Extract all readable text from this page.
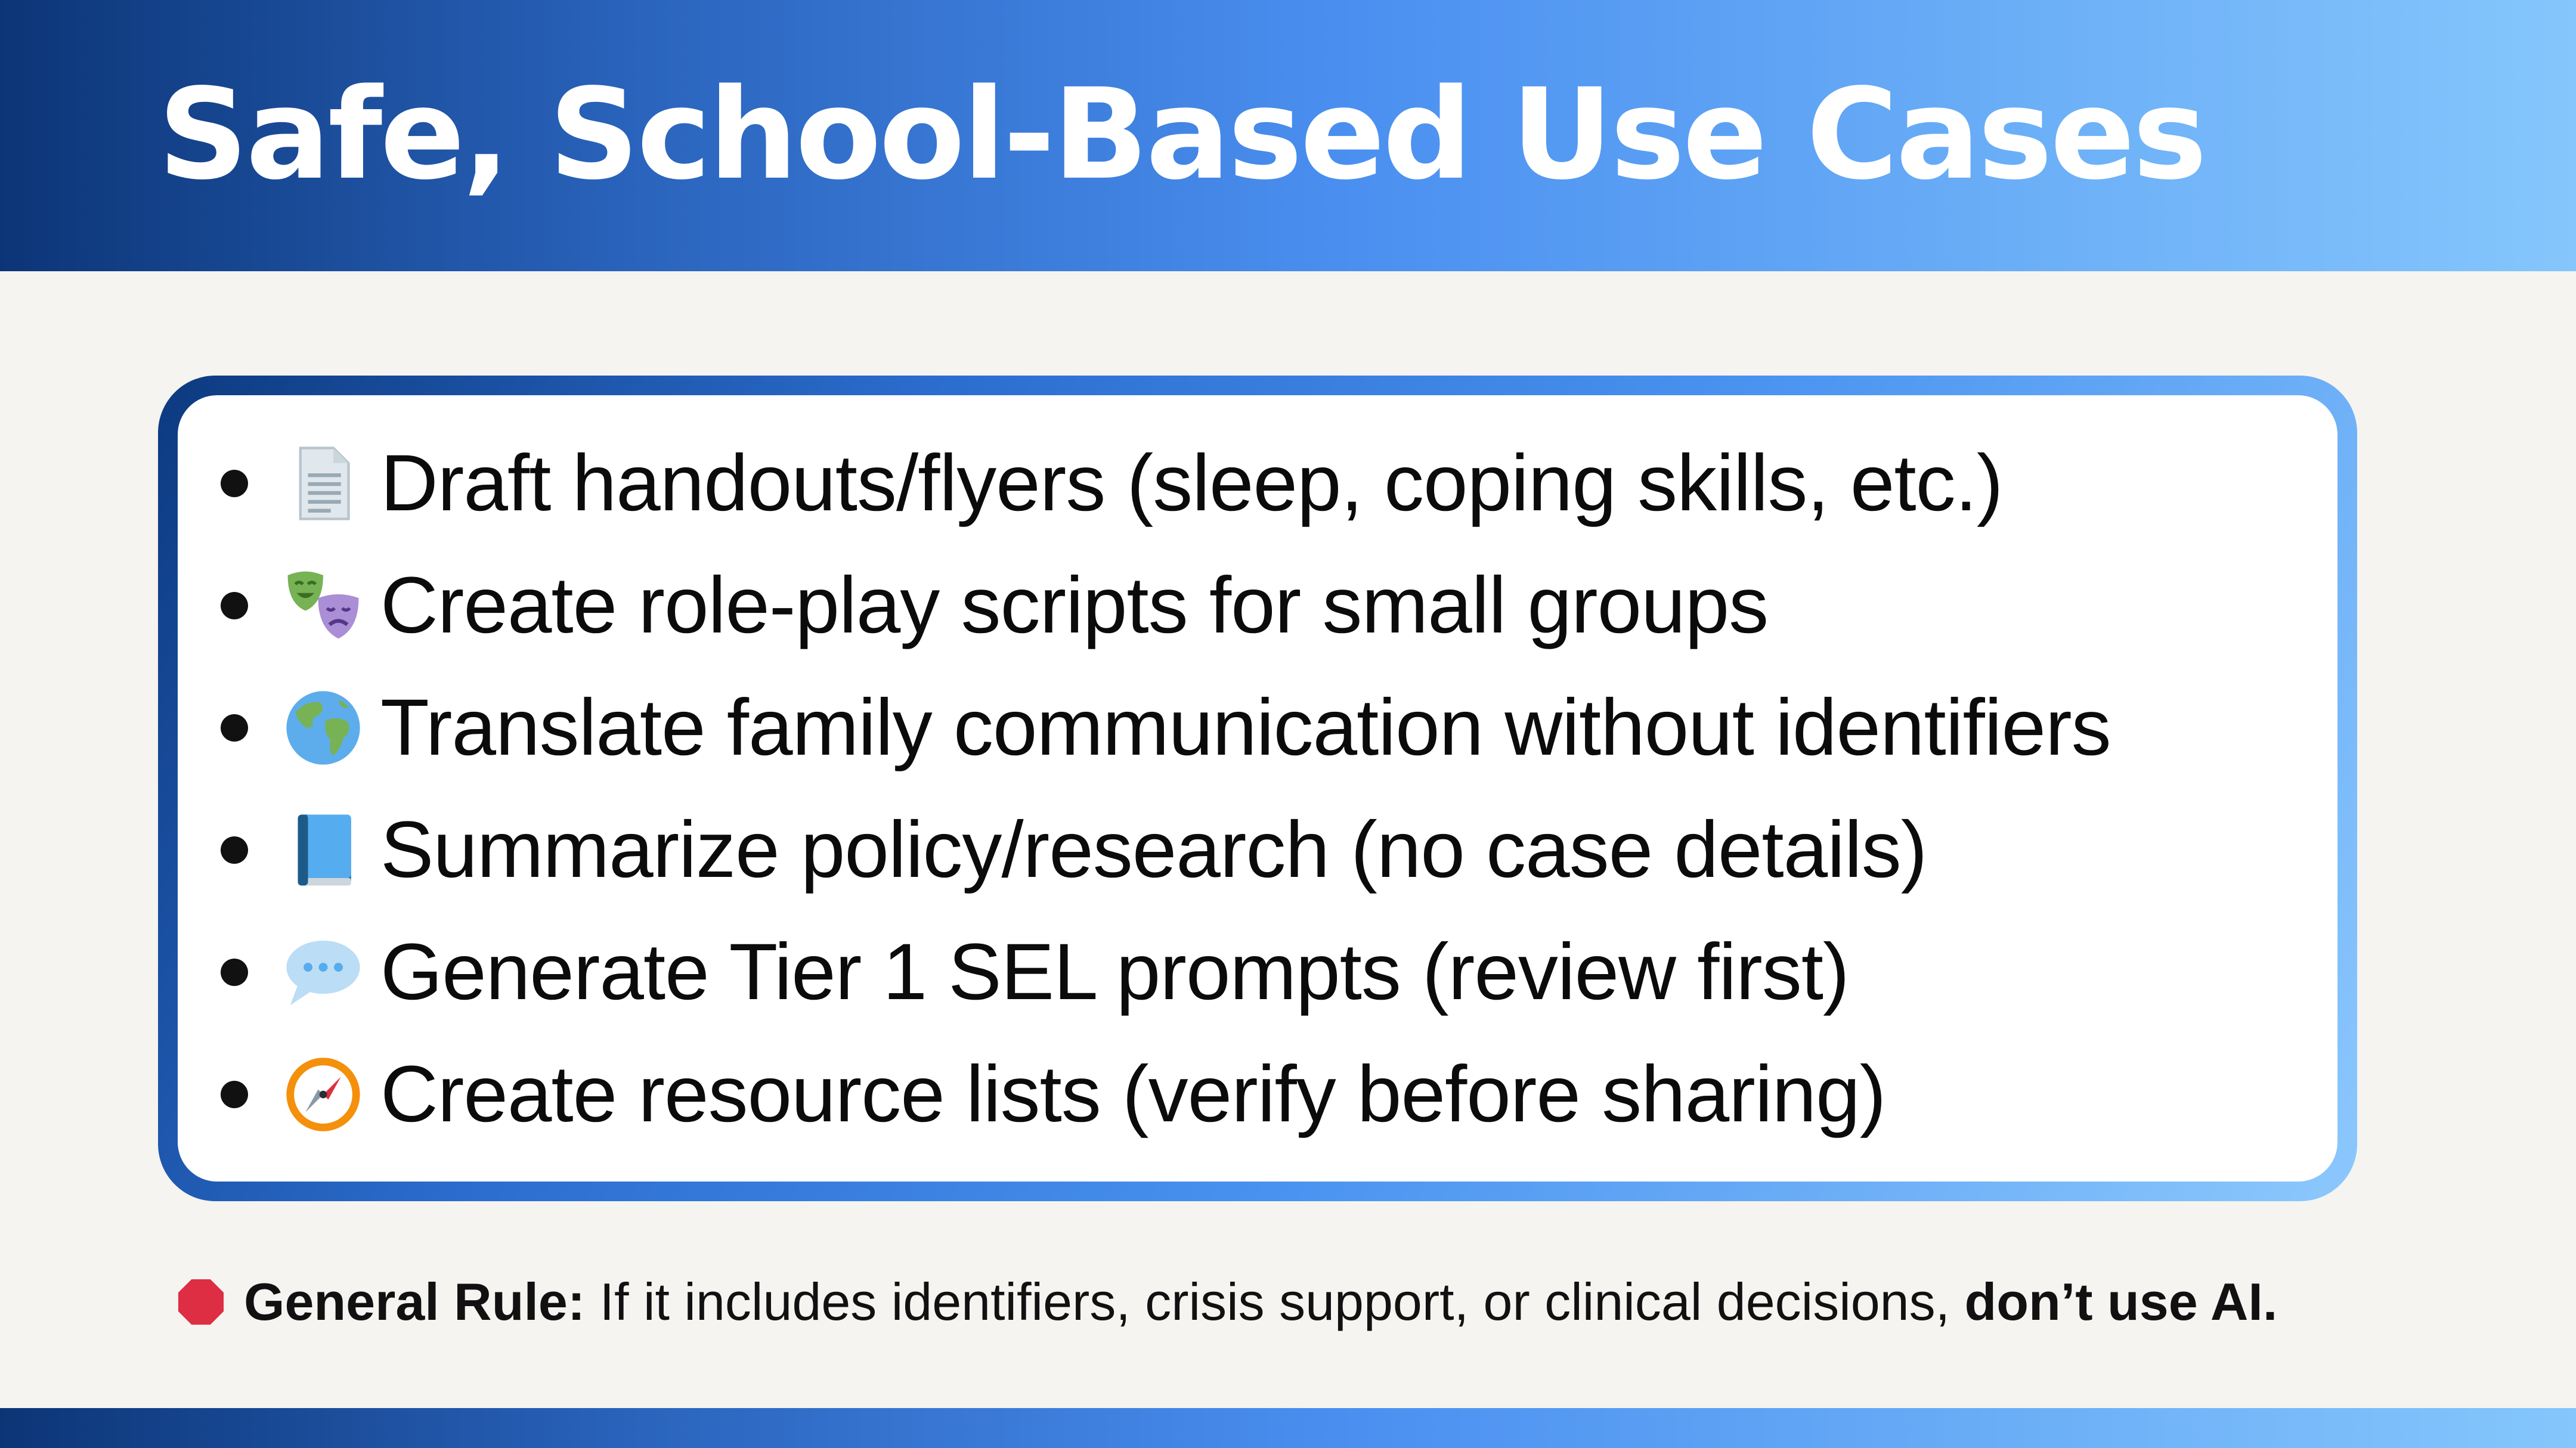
Safe, School-Based Use Cases
Draft handouts/flyers (sleep, coping skills, etc.)
Create role-play scripts for small groups
Translate family communication without identifiers
Summarize policy/research (no case details)
Generate Tier 1 SEL prompts (review first)
Create resource lists (verify before sharing)
General Rule: If it includes identifiers, crisis support, or clinical decisions, don’t use AI.
